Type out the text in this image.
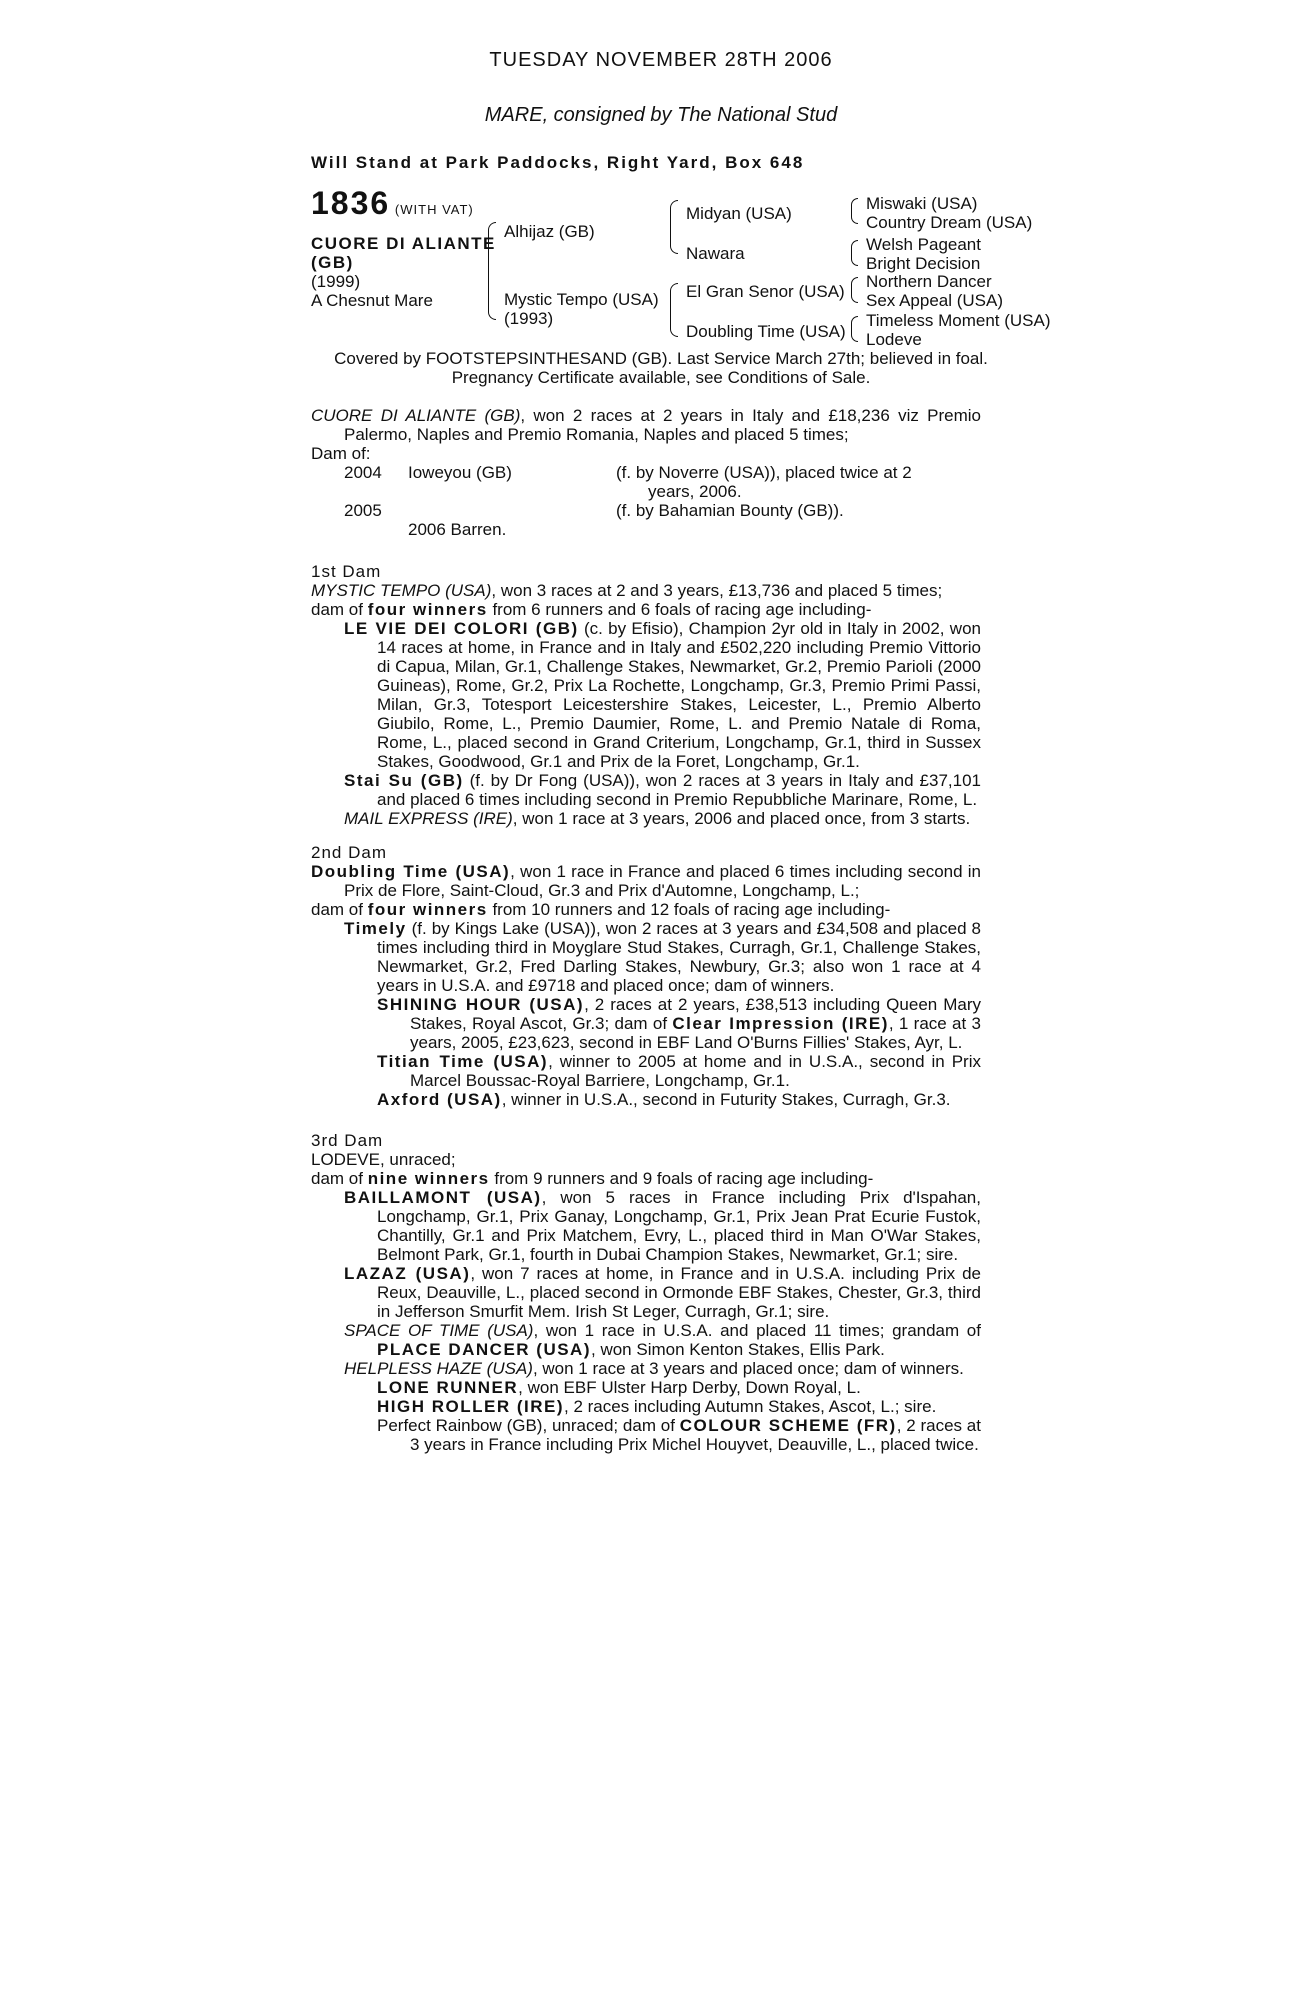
TUESDAY NOVEMBER 28TH 2006
MARE, consigned by The National Stud
Will Stand at Park Paddocks, Right Yard, Box 648
1836 (WITH VAT)
CUORE DI ALIANTE
(GB)
(1999)
A Chesnut Mare
Alhijaz (GB)
Mystic Tempo (USA)
(1993)
Midyan (USA)
Nawara
El Gran Senor (USA)
Doubling Time (USA)
Miswaki (USA)
Country Dream (USA)
Welsh Pageant
Bright Decision
Northern Dancer
Sex Appeal (USA)
Timeless Moment (USA)
Lodeve
Covered by FOOTSTEPSINTHESAND (GB). Last Service March 27th; believed in foal.
Pregnancy Certificate available, see Conditions of Sale.

CUORE DI ALIANTE (GB), won 2 races at 2 years in Italy and £18,236 viz Premio Palermo, Naples and Premio Romania, Naples and placed 5 times;

Dam of:

2004 Ioweyou (GB)	(f. by Noverre (USA)), placed twice at 2
years, 2006.
2005	(f. by Bahamian Bounty (GB)).
2006 Barren.

1st Dam

MYSTIC TEMPO (USA), won 3 races at 2 and 3 years, £13,736 and placed 5 times;

dam of four winners from 6 runners and 6 foals of racing age including-

LE VIE DEI COLORI (GB) (c. by Efisio), Champion 2yr old in Italy in 2002, won 14 races at home, in France and in Italy and £502,220 including Premio Vittorio di Capua, Milan, Gr.1, Challenge Stakes, Newmarket, Gr.2, Premio Parioli (2000 Guineas), Rome, Gr.2, Prix La Rochette, Longchamp, Gr.3, Premio Primi Passi, Milan, Gr.3, Totesport Leicestershire Stakes, Leicester, L., Premio Alberto Giubilo, Rome, L., Premio Daumier, Rome, L. and Premio Natale di Roma, Rome, L., placed second in Grand Criterium, Longchamp, Gr.1, third in Sussex Stakes, Goodwood, Gr.1 and Prix de la Foret, Longchamp, Gr.1.

Stai Su (GB) (f. by Dr Fong (USA)), won 2 races at 3 years in Italy and £37,101 and placed 6 times including second in Premio Repubbliche Marinare, Rome, L.

MAIL EXPRESS (IRE), won 1 race at 3 years, 2006 and placed once, from 3 starts.

2nd Dam

Doubling Time (USA), won 1 race in France and placed 6 times including second in Prix de Flore, Saint-Cloud, Gr.3 and Prix d'Automne, Longchamp, L.;

dam of four winners from 10 runners and 12 foals of racing age including-

Timely (f. by Kings Lake (USA)), won 2 races at 3 years and £34,508 and placed 8 times including third in Moyglare Stud Stakes, Curragh, Gr.1, Challenge Stakes, Newmarket, Gr.2, Fred Darling Stakes, Newbury, Gr.3; also won 1 race at 4 years in U.S.A. and £9718 and placed once; dam of winners.

SHINING HOUR (USA), 2 races at 2 years, £38,513 including Queen Mary Stakes, Royal Ascot, Gr.3; dam of Clear Impression (IRE), 1 race at 3 years, 2005, £23,623, second in EBF Land O'Burns Fillies' Stakes, Ayr, L.

Titian Time (USA), winner to 2005 at home and in U.S.A., second in Prix Marcel Boussac-Royal Barriere, Longchamp, Gr.1.

Axford (USA), winner in U.S.A., second in Futurity Stakes, Curragh, Gr.3.

3rd Dam

LODEVE, unraced;

dam of nine winners from 9 runners and 9 foals of racing age including-

BAILLAMONT (USA), won 5 races in France including Prix d'Ispahan, Longchamp, Gr.1, Prix Ganay, Longchamp, Gr.1, Prix Jean Prat Ecurie Fustok, Chantilly, Gr.1 and Prix Matchem, Evry, L., placed third in Man O'War Stakes, Belmont Park, Gr.1, fourth in Dubai Champion Stakes, Newmarket, Gr.1; sire.

LAZAZ (USA), won 7 races at home, in France and in U.S.A. including Prix de Reux, Deauville, L., placed second in Ormonde EBF Stakes, Chester, Gr.3, third in Jefferson Smurfit Mem. Irish St Leger, Curragh, Gr.1; sire.

SPACE OF TIME (USA), won 1 race in U.S.A. and placed 11 times; grandam of PLACE DANCER (USA), won Simon Kenton Stakes, Ellis Park.

HELPLESS HAZE (USA), won 1 race at 3 years and placed once; dam of winners.

LONE RUNNER, won EBF Ulster Harp Derby, Down Royal, L.

HIGH ROLLER (IRE), 2 races including Autumn Stakes, Ascot, L.; sire.

Perfect Rainbow (GB), unraced; dam of COLOUR SCHEME (FR), 2 races at 3 years in France including Prix Michel Houyvet, Deauville, L., placed twice.
